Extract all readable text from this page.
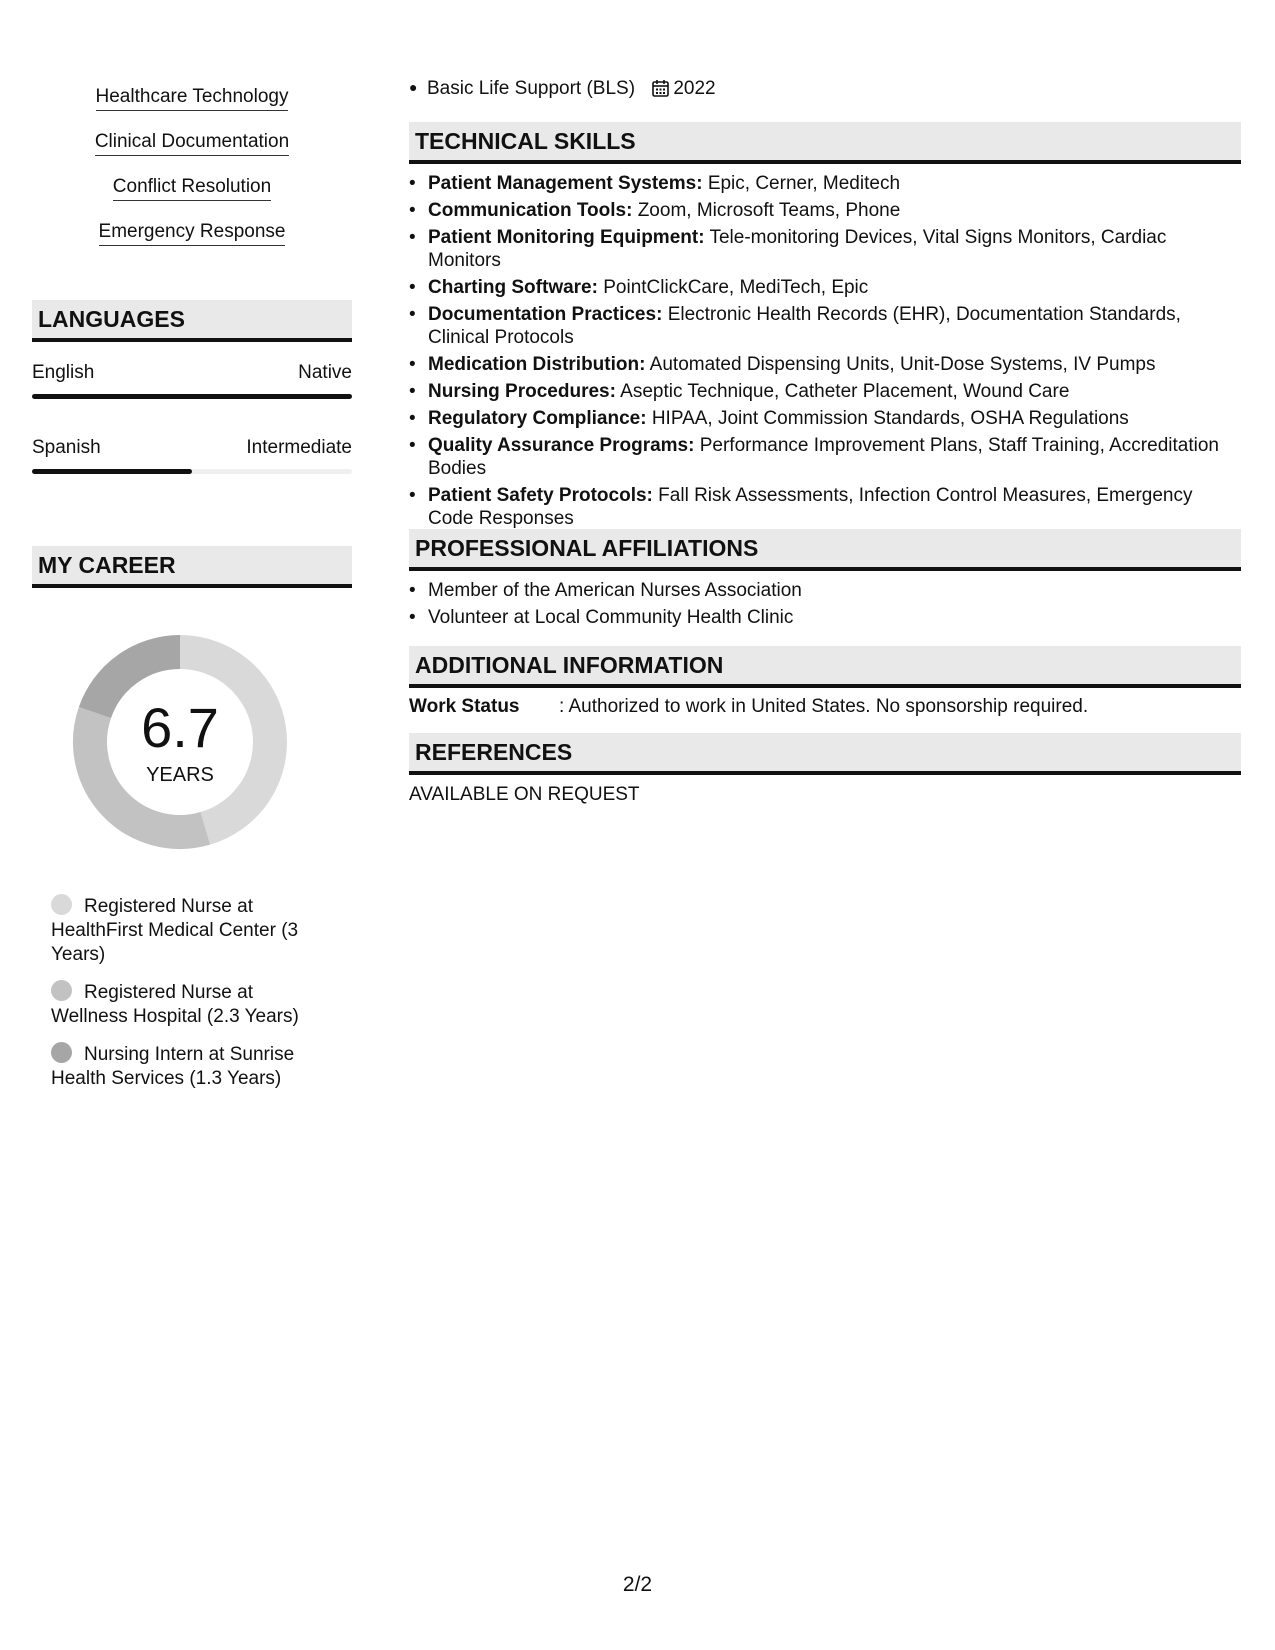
Healthcare Technology
Clinical Documentation
Conflict Resolution
Emergency Response
LANGUAGES
English	Native
Spanish	Intermediate
MY CAREER
6.7
YEARS
Registered Nurse at HealthFirst Medical Center (3 Years)
Registered Nurse at Wellness Hospital (2.3 Years)
Nursing Intern at Sunrise Health Services (1.3 Years)
● Basic Life Support (BLS) 2022
TECHNICAL SKILLS
• Patient Management Systems: Epic, Cerner, Meditech
• Communication Tools: Zoom, Microsoft Teams, Phone
• Patient Monitoring Equipment: Tele-monitoring Devices, Vital Signs Monitors, Cardiac Monitors
• Charting Software: PointClickCare, MediTech, Epic
• Documentation Practices: Electronic Health Records (EHR), Documentation Standards, Clinical Protocols
• Medication Distribution: Automated Dispensing Units, Unit-Dose Systems, IV Pumps
• Nursing Procedures: Aseptic Technique, Catheter Placement, Wound Care
• Regulatory Compliance: HIPAA, Joint Commission Standards, OSHA Regulations
• Quality Assurance Programs: Performance Improvement Plans, Staff Training, Accreditation Bodies
• Patient Safety Protocols: Fall Risk Assessments, Infection Control Measures, Emergency Code Responses
PROFESSIONAL AFFILIATIONS
• Member of the American Nurses Association
• Volunteer at Local Community Health Clinic
ADDITIONAL INFORMATION
Work Status	: Authorized to work in United States. No sponsorship required.
REFERENCES
AVAILABLE ON REQUEST
2/2
